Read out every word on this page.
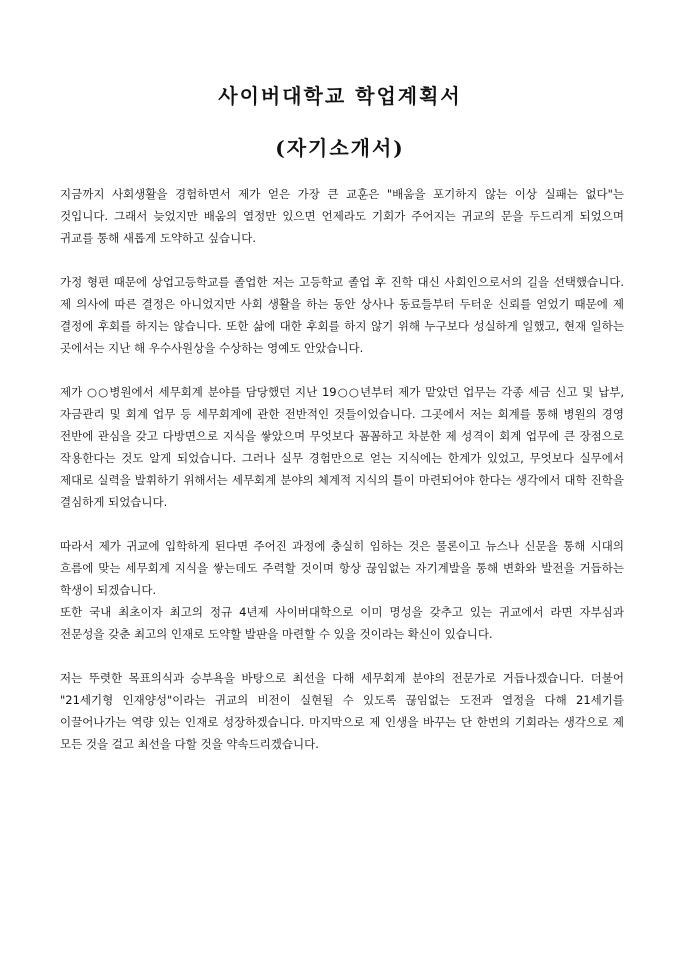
사이버대학교 학업계획서
(자기소개서)

지금까지 사회생활을 경험하면서 제가 얻은 가장 큰 교훈은 "배움을 포기하지 않는 이상 실패는 없다"는 것입니다. 그래서 늦었지만 배움의 열정만 있으면 언제라도 기회가 주어지는 귀교의 문을 두드리게 되었으며 귀교를 통해 새롭게 도약하고 싶습니다.

가정 형편 때문에 상업고등학교를 졸업한 저는 고등학교 졸업 후 진학 대신 사회인으로서의 길을 선택했습니다. 제 의사에 따른 결정은 아니었지만 사회 생활을 하는 동안 상사나 동료들부터 두터운 신뢰를 얻었기 때문에 제 결정에 후회를 하지는 않습니다. 또한 삶에 대한 후회를 하지 않기 위해 누구보다 성실하게 일했고, 현재 일하는 곳에서는 지난 해 우수사원상을 수상하는 영예도 안았습니다.

제가 ○○병원에서 세무회계 분야를 담당했던 지난 19○○년부터 제가 맡았던 업무는 각종 세금 신고 및 납부, 자금관리 및 회계 업무 등 세무회계에 관한 전반적인 것들이었습니다. 그곳에서 저는 회계를 통해 병원의 경영 전반에 관심을 갖고 다방면으로 지식을 쌓았으며 무엇보다 꼼꼼하고 차분한 제 성격이 회계 업무에 큰 장점으로 작용한다는 것도 알게 되었습니다. 그러나 실무 경험만으로 얻는 지식에는 한계가 있었고, 무엇보다 실무에서 제대로 실력을 발휘하기 위해서는 세무회계 분야의 체계적 지식의 틀이 마련되어야 한다는 생각에서 대학 진학을 결심하게 되었습니다.

따라서 제가 귀교에 입학하게 된다면 주어진 과정에 충실히 임하는 것은 물론이고 뉴스나 신문을 통해 시대의 흐름에 맞는 세무회계 지식을 쌓는데도 주력할 것이며 항상 끊임없는 자기계발을 통해 변화와 발전을 거듭하는 학생이 되겠습니다.
또한 국내 최초이자 최고의 정규 4년제 사이버대학으로 이미 명성을 갖추고 있는 귀교에서 라면 자부심과 전문성을 갖춘 최고의 인재로 도약할 발판을 마련할 수 있을 것이라는 확신이 있습니다.

저는 뚜렷한 목표의식과 승부욕을 바탕으로 최선을 다해 세무회계 분야의 전문가로 거듭나겠습니다. 더불어 "21세기형 인재양성"이라는 귀교의 비전이 실현될 수 있도록 끊임없는 도전과 열정을 다해 21세기를 이끌어나가는 역량 있는 인재로 성장하겠습니다. 마지막으로 제 인생을 바꾸는 단 한번의 기회라는 생각으로 제 모든 것을 걸고 최선을 다할 것을 약속드리겠습니다.
